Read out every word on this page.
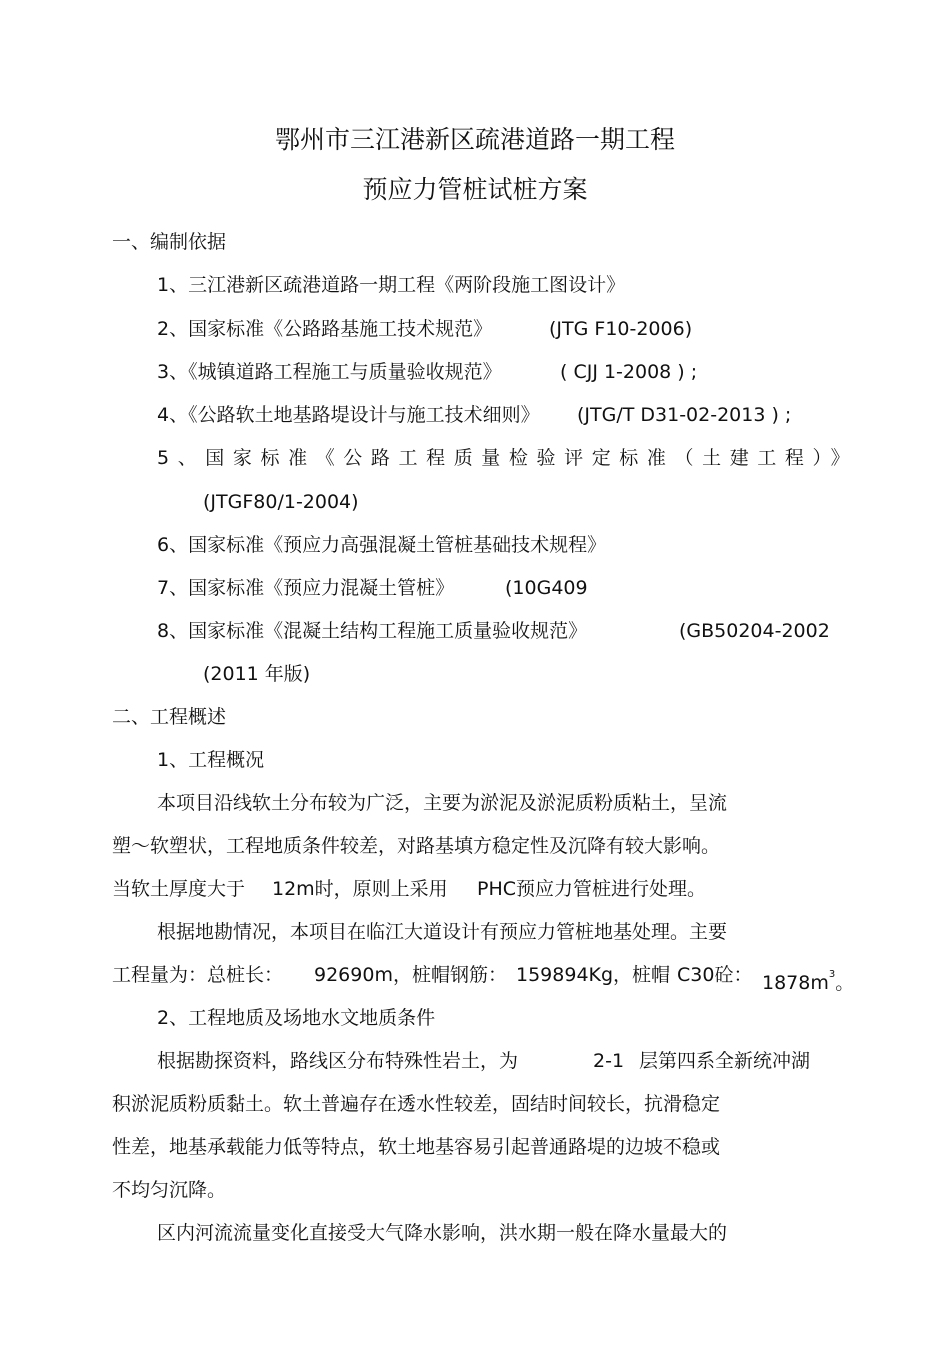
鄂州市三江港新区疏港道路一期工程
预应力管桩试桩方案
一、编制依据
1、三江港新区疏港道路一期工程《两阶段施工图设计》
2、国家标准《公路路基施工技术规范》	(JTG F10-2006)
3、《城镇道路工程施工与质量验收规范》	( CJJ 1-2008 ) ;
4、《公路软土地基路堤设计与施工技术细则》 (JTG/T D31-02-2013 ) ;
5、国家标准《公路工程质量检验评定标准（土建工程）》
(JTGF80/1-2004)
6、国家标准《预应力高强混凝土管桩基础技术规程》
7、国家标准《预应力混凝土管桩》	(10G409
8、国家标准《混凝土结构工程施工质量验收规范》	(GB50204-2002
(2011 年版)
二、工程概述
1、工程概况
本项目沿线软土分布较为广泛，主要为淤泥及淤泥质粉质粘土，呈流
塑～软塑状，工程地质条件较差，对路基填方稳定性及沉降有较大影响。
当软土厚度大于 12m时，原则上采用 PHC预应力管桩进行处理。
根据地勘情况，本项目在临江大道设计有预应力管桩地基处理。主要
工程量为：总桩长： 92690m，桩帽钢筋： 159894Kg，桩帽 C30砼： $1878m^3$。
2、工程地质及场地水文地质条件
根据勘探资料，路线区分布特殊性岩土，为	2-1 层第四系全新统冲湖
积淤泥质粉质黏土。软土普遍存在透水性较差，固结时间较长，抗滑稳定
性差，地基承载能力低等特点，软土地基容易引起普通路堤的边坡不稳或
不均匀沉降。
区内河流流量变化直接受大气降水影响，洪水期一般在降水量最大的
